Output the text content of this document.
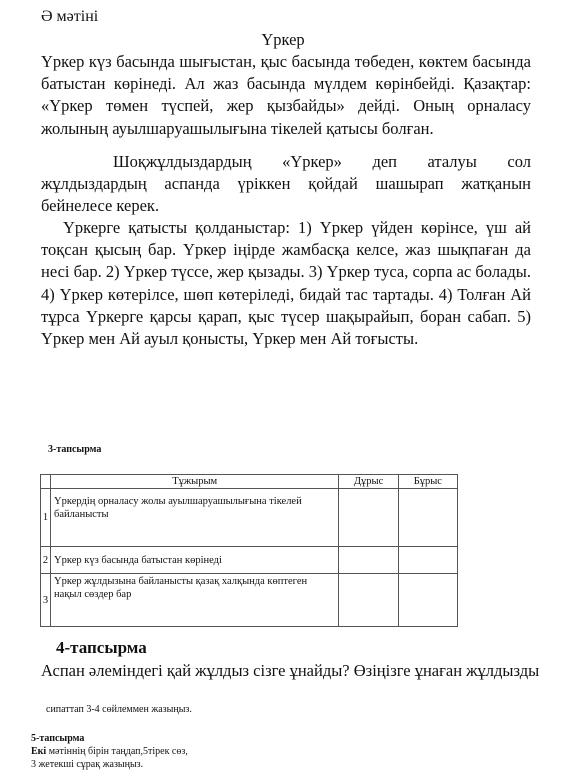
Ә мәтіні
Үркер

Үркер күз басында шығыстан, қыс басында төбеден, көктем басында батыстан көрінеді. Ал жаз басында мүлдем көрінбейді. Қазақтар: «Үркер төмен түспей, жер қызбайды» дейді. Оның орналасу жолының ауылшаруашылығына тікелей қатысы болған.

Шоқжұлдыздардың «Үркер» деп аталуы сол жұлдыздардың аспанда үріккен қойдай шашырап жатқанын бейнелесе керек.

Үркерге қатысты қолданыстар: 1) Үркер үйден көрінсе, үш ай тоқсан қысың бар. Үркер іңірде жамбасқа келсе, жаз шықпаған да несі бар. 2) Үркер түссе, жер қызады. 3) Үркер туса, сорпа ас болады. 4) Үркер көтерілсе, шөп көтеріледі, бидай тас тартады. 4) Толған Ай тұрса Үркерге қарсы қарап, қыс түсер шақырайып, боран сабап. 5) Үркер мен Ай ауыл қонысты, Үркер мен Ай тоғысты.

3-тапсырма
	Тұжырым	Дұрыс	Бұрыс
1	Үркердің орналасу жолы ауылшаруашылығына тікелей байланысты		
2	Үркер күз басында батыстан көрінеді		
3	Үркер жұлдызына байланысты қазақ халқында көптеген нақыл сөздер бар		
4-тапсырма
Аспан әлеміндегі қай жұлдыз сізге ұнайды? Өзіңізге ұнаған жұлдызды
сипаттап 3-4 сөйлеммен жазыңыз.
5-тапсырма
Екі мәтіннің бірін таңдап,5тірек сөз,
3 жетекші сұрақ жазыңыз.
